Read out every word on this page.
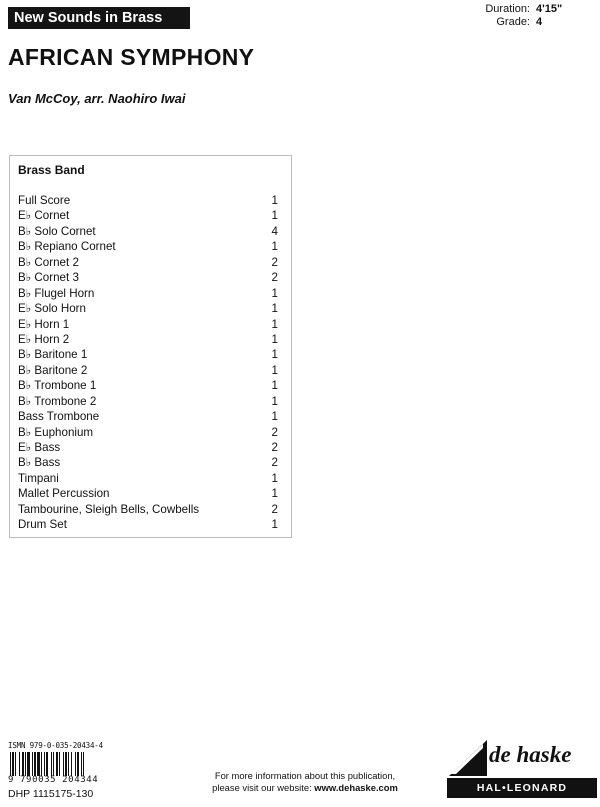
New Sounds in Brass
Duration: 4'15"
Grade: 4
AFRICAN SYMPHONY
Van McCoy, arr. Naohiro Iwai
Brass Band
Full Score	1
E♭ Cornet	1
B♭ Solo Cornet	4
B♭ Repiano Cornet	1
B♭ Cornet 2	2
B♭ Cornet 3	2
B♭ Flugel Horn	1
E♭ Solo Horn	1
E♭ Horn 1	1
E♭ Horn 2	1
B♭ Baritone 1	1
B♭ Baritone 2	1
B♭ Trombone 1	1
B♭ Trombone 2	1
Bass Trombone	1
B♭ Euphonium	2
E♭ Bass	2
B♭ Bass	2
Timpani	1
Mallet Percussion	1
Tambourine, Sleigh Bells, Cowbells	2
Drum Set	1
ISMN 979-0-035-20434-4
9 790035 204344
DHP 1115175-130
For more information about this publication,
please visit our website: www.dehaske.com
de haske
HAL•LEONARD
